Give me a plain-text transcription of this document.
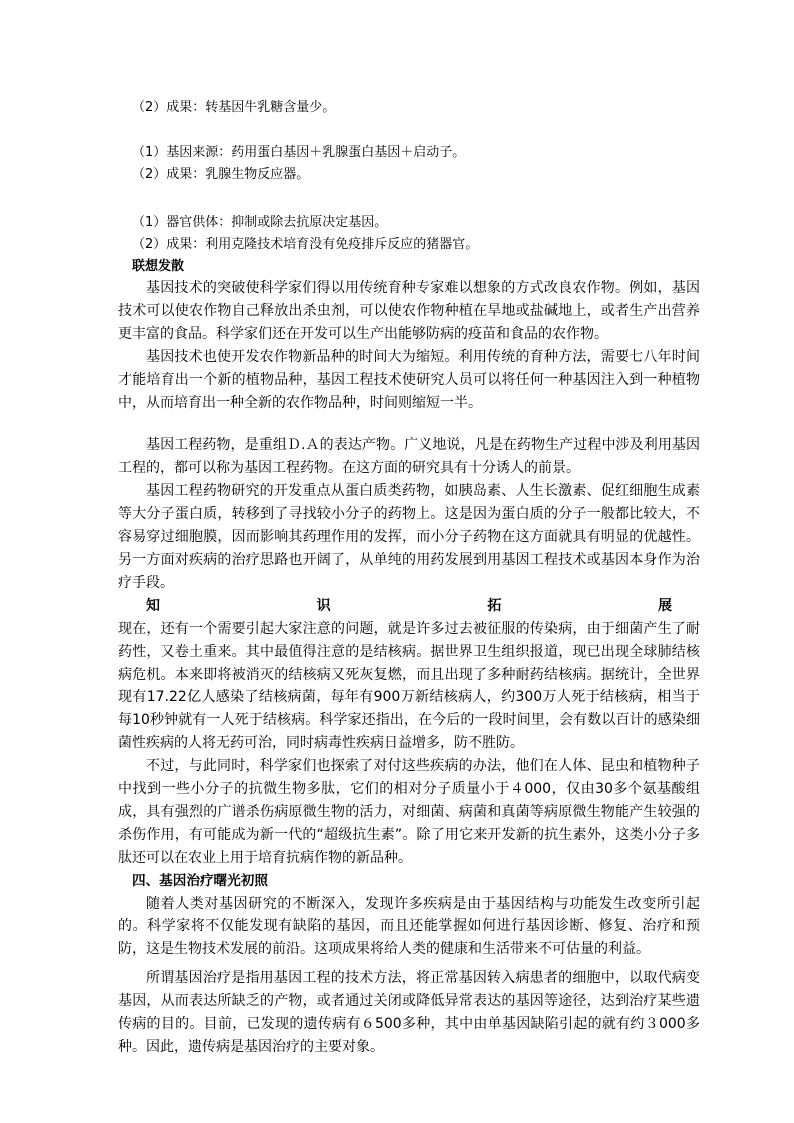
（2）成果：转基因牛乳糖含量少。
（1）基因来源：药用蛋白基因＋乳腺蛋白基因＋启动子。
（2）成果：乳腺生物反应器。
（1）器官供体：抑制或除去抗原决定基因。
（2）成果：利用克隆技术培育没有免疫排斥反应的猪器官。
联想发散
基因技术的突破使科学家们得以用传统育种专家难以想象的方式改良农作物。例如，基因技术可以使农作物自己释放出杀虫剂，可以使农作物种植在旱地或盐碱地上，或者生产出营养更丰富的食品。科学家们还在开发可以生产出能够防病的疫苗和食品的农作物。
基因技术也使开发农作物新品种的时间大为缩短。利用传统的育种方法，需要七八年时间才能培育出一个新的植物品种，基因工程技术使研究人员可以将任何一种基因注入到一种植物中，从而培育出一种全新的农作物品种，时间则缩短一半。
基因工程药物，是重组Ｄ.Ａ的表达产物。广义地说，凡是在药物生产过程中涉及利用基因工程的，都可以称为基因工程药物。在这方面的研究具有十分诱人的前景。
基因工程药物研究的开发重点从蛋白质类药物，如胰岛素、人生长激素、促红细胞生成素等大分子蛋白质，转移到了寻找较小分子的药物上。这是因为蛋白质的分子一般都比较大，不容易穿过细胞膜，因而影响其药理作用的发挥，而小分子药物在这方面就具有明显的优越性。另一方面对疾病的治疗思路也开阔了，从单纯的用药发展到用基因工程技术或基因本身作为治疗手段。
知	识	拓	展
现在，还有一个需要引起大家注意的问题，就是许多过去被征服的传染病，由于细菌产生了耐药性，又卷土重来。其中最值得注意的是结核病。据世界卫生组织报道，现已出现全球肺结核病危机。本来即将被消灭的结核病又死灰复燃，而且出现了多种耐药结核病。据统计，全世界现有17.22亿人感染了结核病菌，每年有900万新结核病人，约300万人死于结核病，相当于每10秒钟就有一人死于结核病。科学家还指出，在今后的一段时间里，会有数以百计的感染细菌性疾病的人将无药可治，同时病毒性疾病日益增多，防不胜防。
不过，与此同时，科学家们也探索了对付这些疾病的办法，他们在人体、昆虫和植物种子中找到一些小分子的抗微生物多肽，它们的相对分子质量小于４000，仅由30多个氨基酸组成，具有强烈的广谱杀伤病原微生物的活力，对细菌、病菌和真菌等病原微生物能产生较强的杀伤作用，有可能成为新一代的“超级抗生素”。除了用它来开发新的抗生素外，这类小分子多肽还可以在农业上用于培育抗病作物的新品种。
四、基因治疗曙光初照
随着人类对基因研究的不断深入，发现许多疾病是由于基因结构与功能发生改变所引起的。科学家将不仅能发现有缺陷的基因，而且还能掌握如何进行基因诊断、修复、治疗和预防，这是生物技术发展的前沿。这项成果将给人类的健康和生活带来不可估量的利益。
所谓基因治疗是指用基因工程的技术方法，将正常基因转入病患者的细胞中，以取代病变基因，从而表达所缺乏的产物，或者通过关闭或降低异常表达的基因等途径，达到治疗某些遗传病的目的。目前，已发现的遗传病有６500多种，其中由单基因缺陷引起的就有约３000多种。因此，遗传病是基因治疗的主要对象。
